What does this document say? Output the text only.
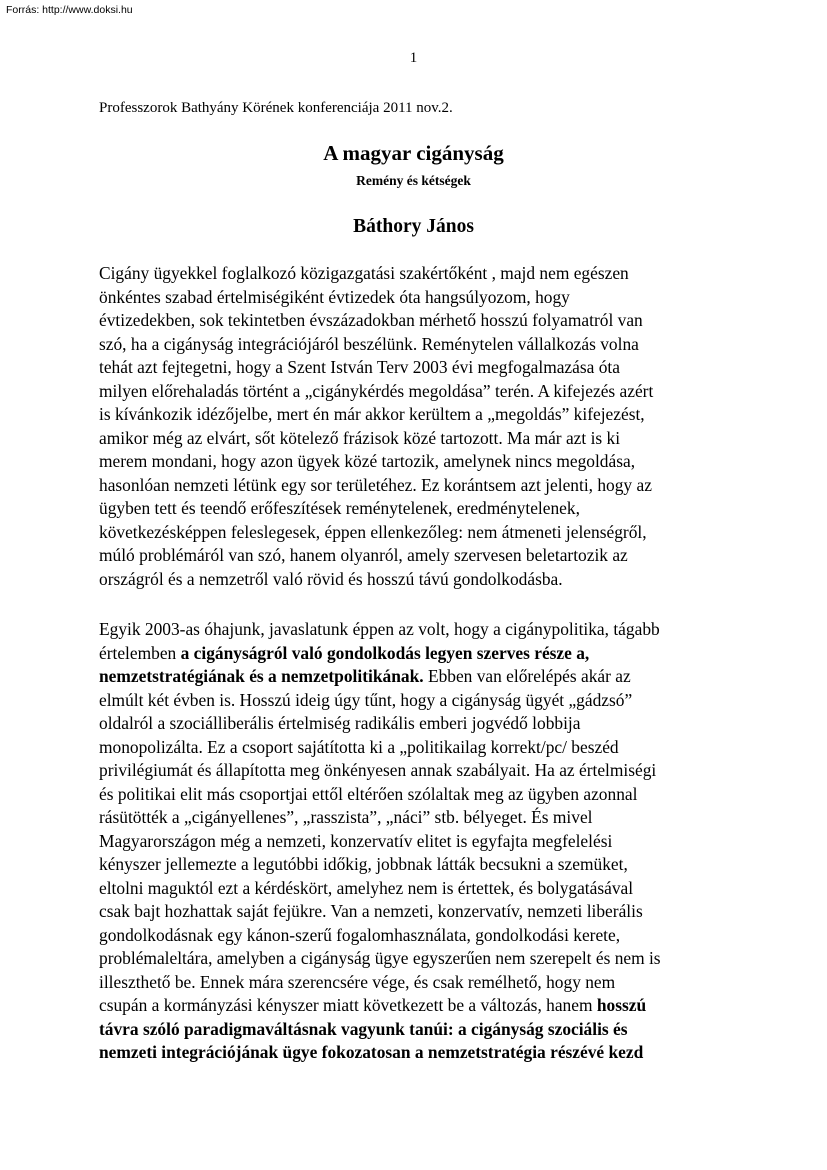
Forrás: http://www.doksi.hu
1
Professzorok Bathyány Körének konferenciája 2011 nov.2.
A magyar cigányság
Remény és kétségek
Báthory János
Cigány ügyekkel foglalkozó közigazgatási szakértőként , majd nem egészen
önkéntes szabad értelmiségiként évtizedek óta hangsúlyozom, hogy
évtizedekben, sok tekintetben évszázadokban mérhető hosszú folyamatról van
szó, ha a cigányság integrációjáról beszélünk. Reménytelen vállalkozás volna
tehát azt fejtegetni, hogy a Szent István Terv 2003 évi megfogalmazása óta
milyen előrehaladás történt a „cigánykérdés megoldása” terén. A kifejezés azért
is kívánkozik idézőjelbe, mert én már akkor kerültem a „megoldás” kifejezést,
amikor még az elvárt, sőt kötelező frázisok közé tartozott. Ma már azt is ki
merem mondani, hogy azon ügyek közé tartozik, amelynek nincs megoldása,
hasonlóan nemzeti létünk egy sor területéhez. Ez korántsem azt jelenti, hogy az
ügyben tett és teendő erőfeszítések reménytelenek, eredménytelenek,
következésképpen feleslegesek, éppen ellenkezőleg: nem átmeneti jelenségről,
múló problémáról van szó, hanem olyanról, amely szervesen beletartozik az
országról és a nemzetről való rövid és hosszú távú gondolkodásba.
Egyik 2003-as óhajunk, javaslatunk éppen az volt, hogy a cigánypolitika, tágabb
értelemben a cigányságról való gondolkodás legyen szerves része a,
nemzetstratégiának és a nemzetpolitikának. Ebben van előrelépés akár az
elmúlt két évben is. Hosszú ideig úgy tűnt, hogy a cigányság ügyét „gádzsó”
oldalról a szociálliberális értelmiség radikális emberi jogvédő lobbija
monopolizálta. Ez a csoport sajátította ki a „politikailag korrekt/pc/ beszéd
privilégiumát és állapította meg önkényesen annak szabályait. Ha az értelmiségi
és politikai elit más csoportjai ettől eltérően szólaltak meg az ügyben azonnal
rásütötték a „cigányellenes”, „rasszista”, „náci” stb. bélyeget. És mivel
Magyarországon még a nemzeti, konzervatív elitet is egyfajta megfelelési
kényszer jellemezte a legutóbbi időkig, jobbnak látták becsukni a szemüket,
eltolni maguktól ezt a kérdéskört, amelyhez nem is értettek, és bolygatásával
csak bajt hozhattak saját fejükre. Van a nemzeti, konzervatív, nemzeti liberális
gondolkodásnak egy kánon-szerű fogalomhasználata, gondolkodási kerete,
problémaleltára, amelyben a cigányság ügye egyszerűen nem szerepelt és nem is
illeszthető be. Ennek mára szerencsére vége, és csak remélhető, hogy nem
csupán a kormányzási kényszer miatt következett be a változás, hanem hosszú
távra szóló paradigmaváltásnak vagyunk tanúi: a cigányság szociális és
nemzeti integrációjának ügye fokozatosan a nemzetstratégia részévé kezd
